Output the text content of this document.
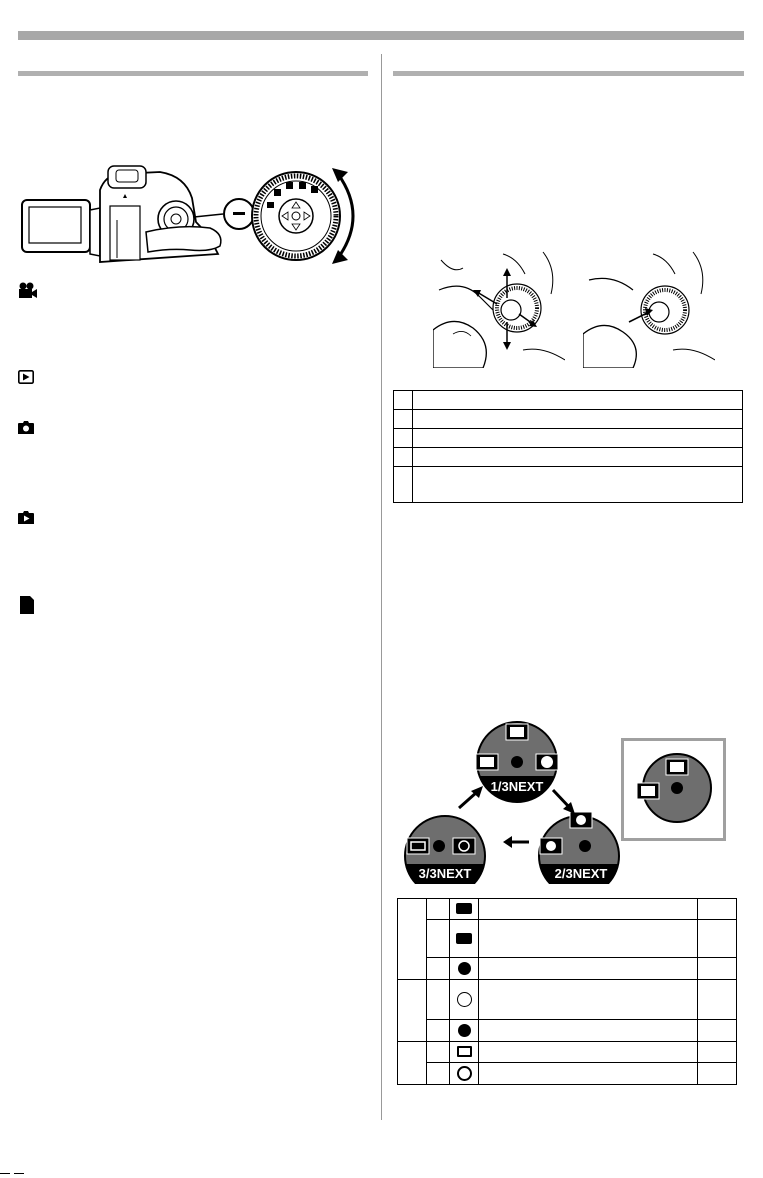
1/3NEXT
2/3NEXT
3/3NEXT
